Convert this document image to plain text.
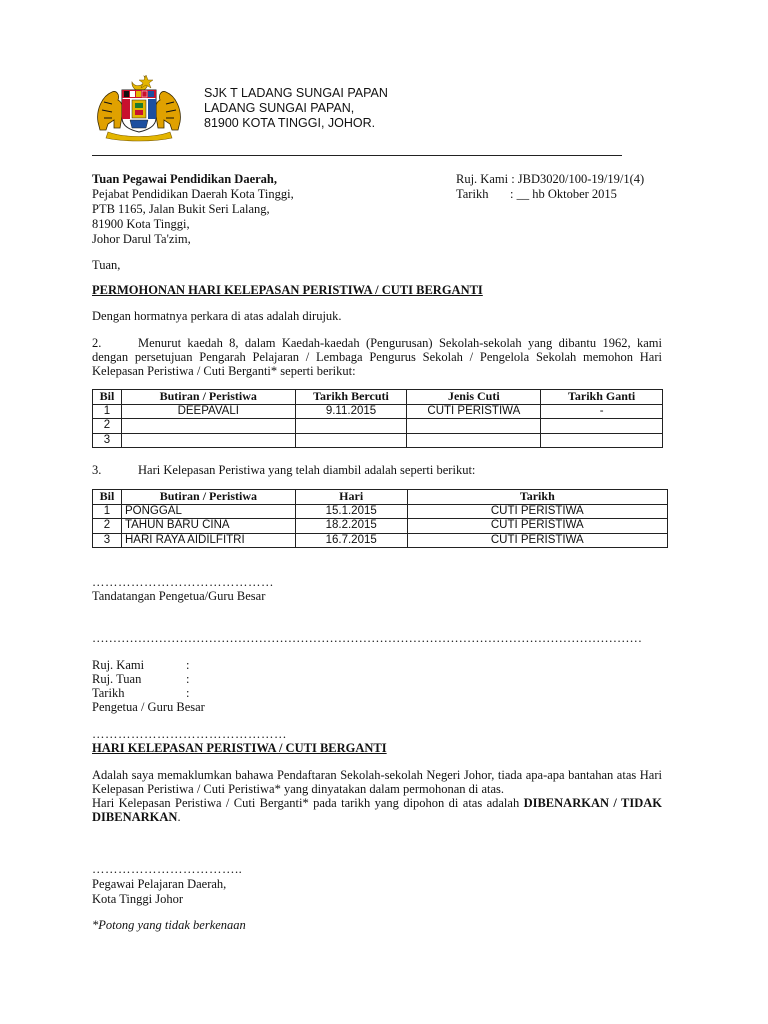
SJK T LADANG SUNGAI PAPAN
LADANG SUNGAI PAPAN,
81900 KOTA TINGGI, JOHOR.
Tuan Pegawai Pendidikan Daerah,
Pejabat Pendidikan Daerah Kota Tinggi,
PTB 1165, Jalan Bukit Seri Lalang,
81900 Kota Tinggi,
Johor Darul Ta'zim,
Ruj. Kami : JBD3020/100-19/19/1(4)
Tarikh : __ hb Oktober 2015
Tuan,
PERMOHONAN HARI KELEPASAN PERISTIWA / CUTI BERGANTI
Dengan hormatnya perkara di atas adalah dirujuk.
2.	Menurut kaedah 8, dalam Kaedah-kaedah (Pengurusan) Sekolah-sekolah yang dibantu 1962, kami dengan persetujuan Pengarah Pelajaran / Lembaga Pengurus Sekolah / Pengelola Sekolah memohon Hari Kelepasan Peristiwa / Cuti Berganti* seperti berikut:
Bil	Butiran / Peristiwa	Tarikh Bercuti	Jenis Cuti	Tarikh Ganti
1	DEEPAVALI	9.11.2015	CUTI PERISTIWA	-
2				
3				
3.	Hari Kelepasan Peristiwa yang telah diambil adalah seperti berikut:
Bil	Butiran / Peristiwa	Hari	Tarikh
1	PONGGAL	15.1.2015	CUTI PERISTIWA
2	TAHUN BARU CINA	18.2.2015	CUTI PERISTIWA
3	HARI RAYA AIDILFITRI	16.7.2015	CUTI PERISTIWA
……………………………………
Tandatangan Pengetua/Guru Besar
……………………………………………………………………………………………………………………
Ruj. Kami	:
Ruj. Tuan	:
Tarikh	:
Pengetua / Guru Besar
………………………………………
HARI KELEPASAN PERISTIWA / CUTI BERGANTI
Adalah saya memaklumkan bahawa Pendaftaran Sekolah-sekolah Negeri Johor, tiada apa-apa bantahan atas Hari Kelepasan Peristiwa / Cuti Peristiwa* yang dinyatakan dalam permohonan di atas.
Hari Kelepasan Peristiwa / Cuti Berganti* pada tarikh yang dipohon di atas adalah DIBENARKAN / TIDAK DIBENARKAN.
……………………………..
Pegawai Pelajaran Daerah,
Kota Tinggi Johor
*Potong yang tidak berkenaan
